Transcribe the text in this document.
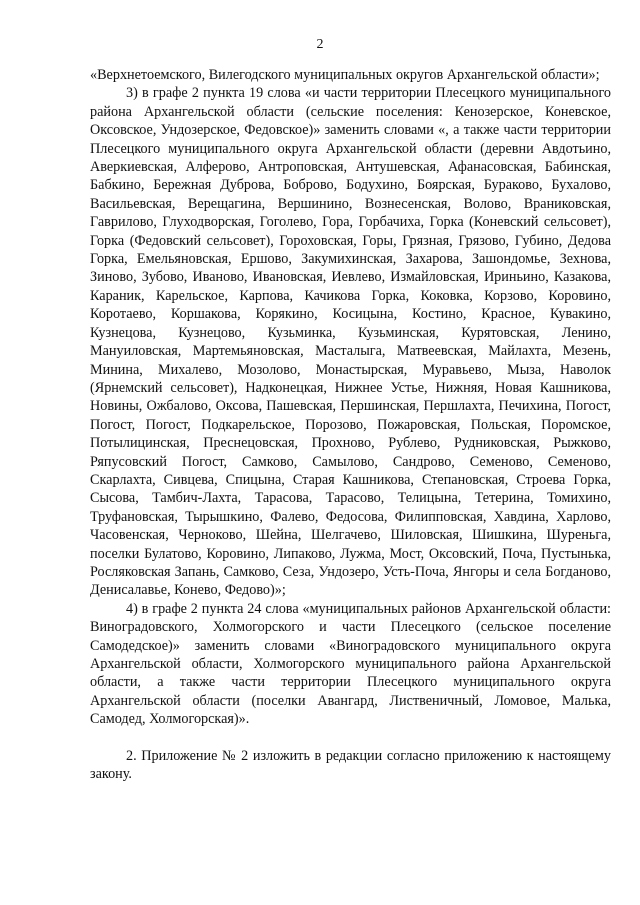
2

«Верхнетоемского, Вилегодского муниципальных округов Архангельской области»;

3) в графе 2 пункта 19 слова «и части территории Плесецкого муниципального района Архангельской области (сельские поселения: Кенозерское, Коневское, Оксовское, Ундозерское, Федовское)» заменить словами «, а также части территории Плесецкого муниципального округа Архангельской области (деревни Авдотьино, Аверкиевская, Алферово, Антроповская, Антушевская, Афанасовская, Бабинская, Бабкино, Бережная Дуброва, Боброво, Бодухино, Боярская, Бураково, Бухалово, Васильевская, Верещагина, Вершинино, Вознесенская, Волово, Враниковская, Гаврилово, Глуходворская, Гоголево, Гора, Горбачиха, Горка (Коневский сельсовет), Горка (Федовский сельсовет), Гороховская, Горы, Грязная, Грязово, Губино, Дедова Горка, Емельяновская, Ершово, Закумихинская, Захарова, Зашондомье, Зехнова, Зиново, Зубово, Иваново, Ивановская, Иевлево, Измайловская, Ириньино, Казакова, Караник, Карельское, Карпова, Качикова Горка, Коковка, Корзово, Коровино, Коротаево, Коршакова, Корякино, Косицына, Костино, Красное, Кувакино, Кузнецова, Кузнецово, Кузьминка, Кузьминская, Курятовская, Ленино, Мануиловская, Мартемьяновская, Масталыга, Матвеевская, Майлахта, Мезень, Минина, Михалево, Мозолово, Монастырская, Муравьево, Мыза, Наволок (Ярнемский сельсовет), Надконецкая, Нижнее Устье, Нижняя, Новая Кашникова, Новины, Ожбалово, Оксова, Пашевская, Першинская, Першлахта, Печихина, Погост, Погост, Погост, Подкарельское, Порозово, Пожаровская, Польская, Поромское, Потылицинская, Преснецовская, Прохново, Рублево, Рудниковская, Рыжково, Ряпусовский Погост, Самково, Самылово, Сандрово, Семеново, Семеново, Скарлахта, Сивцева, Спицына, Старая Кашникова, Степановская, Строева Горка, Сысова, Тамбич-Лахта, Тарасова, Тарасово, Телицына, Тетерина, Томихино, Труфановская, Тырышкино, Фалево, Федосова, Филипповская, Хавдина, Харлово, Часовенская, Черноково, Шейна, Шелгачево, Шиловская, Шишкина, Шуреньга, поселки Булатово, Коровино, Липаково, Лужма, Мост, Оксовский, Поча, Пустынька, Росляковская Запань, Самково, Сеза, Ундозеро, Усть-Поча, Янгоры и села Богданово, Денисалавье, Конево, Федово)»;

4) в графе 2 пункта 24 слова «муниципальных районов Архангельской области: Виноградовского, Холмогорского и части Плесецкого (сельское поселение Самодедское)» заменить словами «Виноградовского муниципального округа Архангельской области, Холмогорского муниципального района Архангельской области, а также части территории Плесецкого муниципального округа Архангельской области (поселки Авангард, Лиственичный, Ломовое, Малька, Самодед, Холмогорская)».

2. Приложение № 2 изложить в редакции согласно приложению к настоящему закону.
